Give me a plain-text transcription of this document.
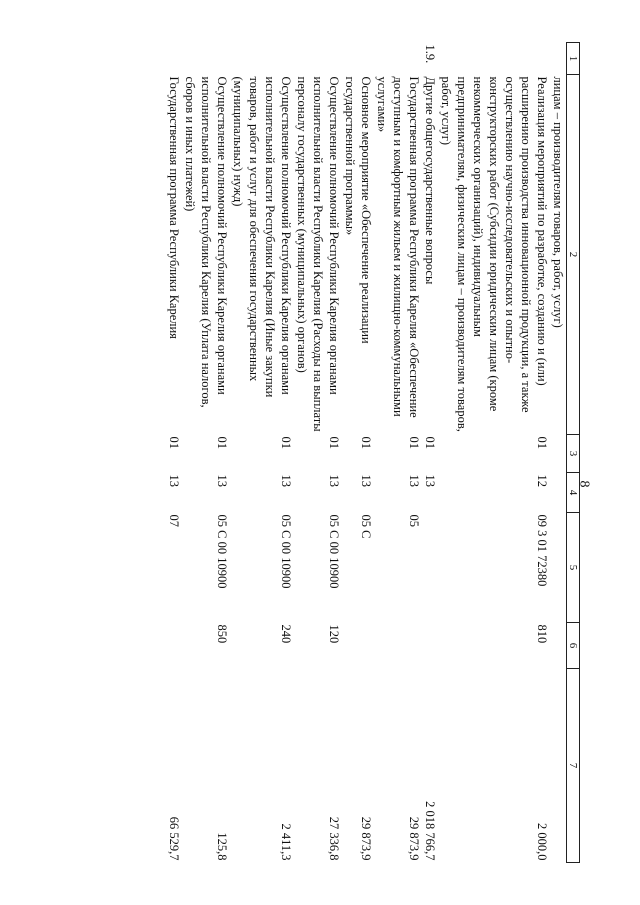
8
1	2	3	4	5	6	7
	лицам – производителям товаров, работ, услуг)					
	Реализация мероприятий по разработке, созданию и (или) расширению производства инновационной продукции, а также осуществлению научно-исследовательских и опытно-конструкторских работ (Субсидии юридическим лицам (кроме некоммерческих организаций), индивидуальным предпринимателям, физическим лицам – производителям товаров, работ, услуг)	01	12	09 3 01 72380	810	2 000,0
1.9.	Другие общегосударственные вопросы	01	13			2 018 766,7
	Государственная программа Республики Карелия «Обеспечение доступным и комфортным жильем и жилищно-коммунальными услугами»	01	13	05		29 873,9
	Основное мероприятие «Обеспечение реализации государственной программы»	01	13	05 С		29 873,9
	Осуществление полномочий Республики Карелия органами исполнительной власти Республики Карелия (Расходы на выплаты персоналу государственных (муниципальных) органов)	01	13	05 С 00 10900	120	27 336,8
	Осуществление полномочий Республики Карелия органами исполнительной власти Республики Карелия (Иные закупки товаров, работ и услуг для обеспечения государственных (муниципальных) нужд)	01	13	05 С 00 10900	240	2 411,3
	Осуществление полномочий Республики Карелия органами исполнительной власти Республики Карелия (Уплата налогов, сборов и иных платежей)	01	13	05 С 00 10900	850	125,8
	Государственная программа Республики Карелия	01	13	07		66 529,7
